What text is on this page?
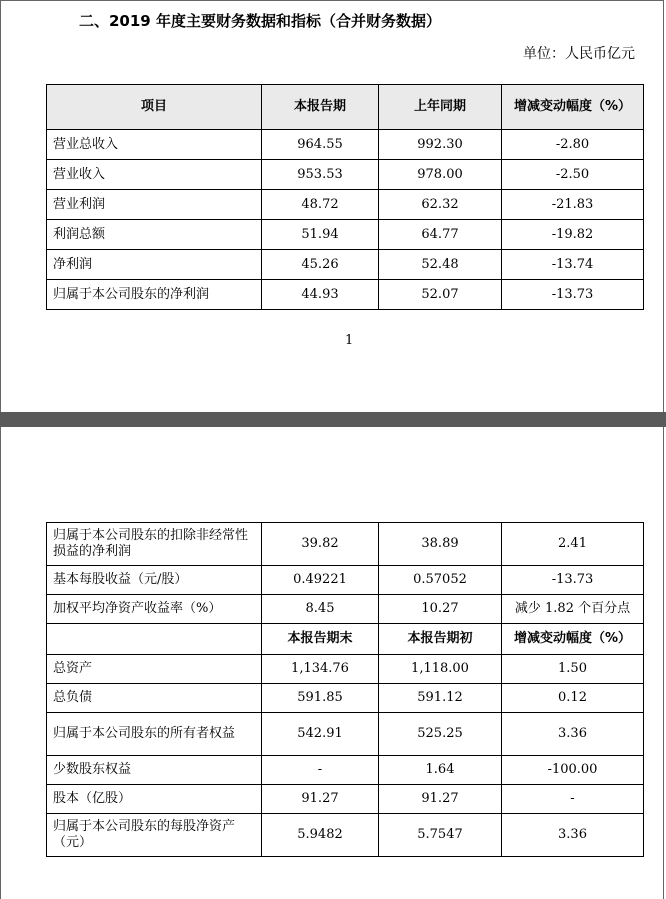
二、2019 年度主要财务数据和指标（合并财务数据）
单位：人民币亿元
项目	本报告期	上年同期	增减变动幅度（%）
营业总收入	964.55	992.30	-2.80
营业收入	953.53	978.00	-2.50
营业利润	48.72	62.32	-21.83
利润总额	51.94	64.77	-19.82
净利润	45.26	52.48	-13.74
归属于本公司股东的净利润	44.93	52.07	-13.73
1
归属于本公司股东的扣除非经常性损益的净利润	39.82	38.89	2.41
基本每股收益（元/股）	0.49221	0.57052	-13.73
加权平均净资产收益率（%）	8.45	10.27	减少 1.82 个百分点
	本报告期末	本报告期初	增减变动幅度（%）
总资产	1,134.76	1,118.00	1.50
总负债	591.85	591.12	0.12
归属于本公司股东的所有者权益	542.91	525.25	3.36
少数股东权益	-	1.64	-100.00
股本（亿股）	91.27	91.27	-
归属于本公司股东的每股净资产（元）	5.9482	5.7547	3.36
